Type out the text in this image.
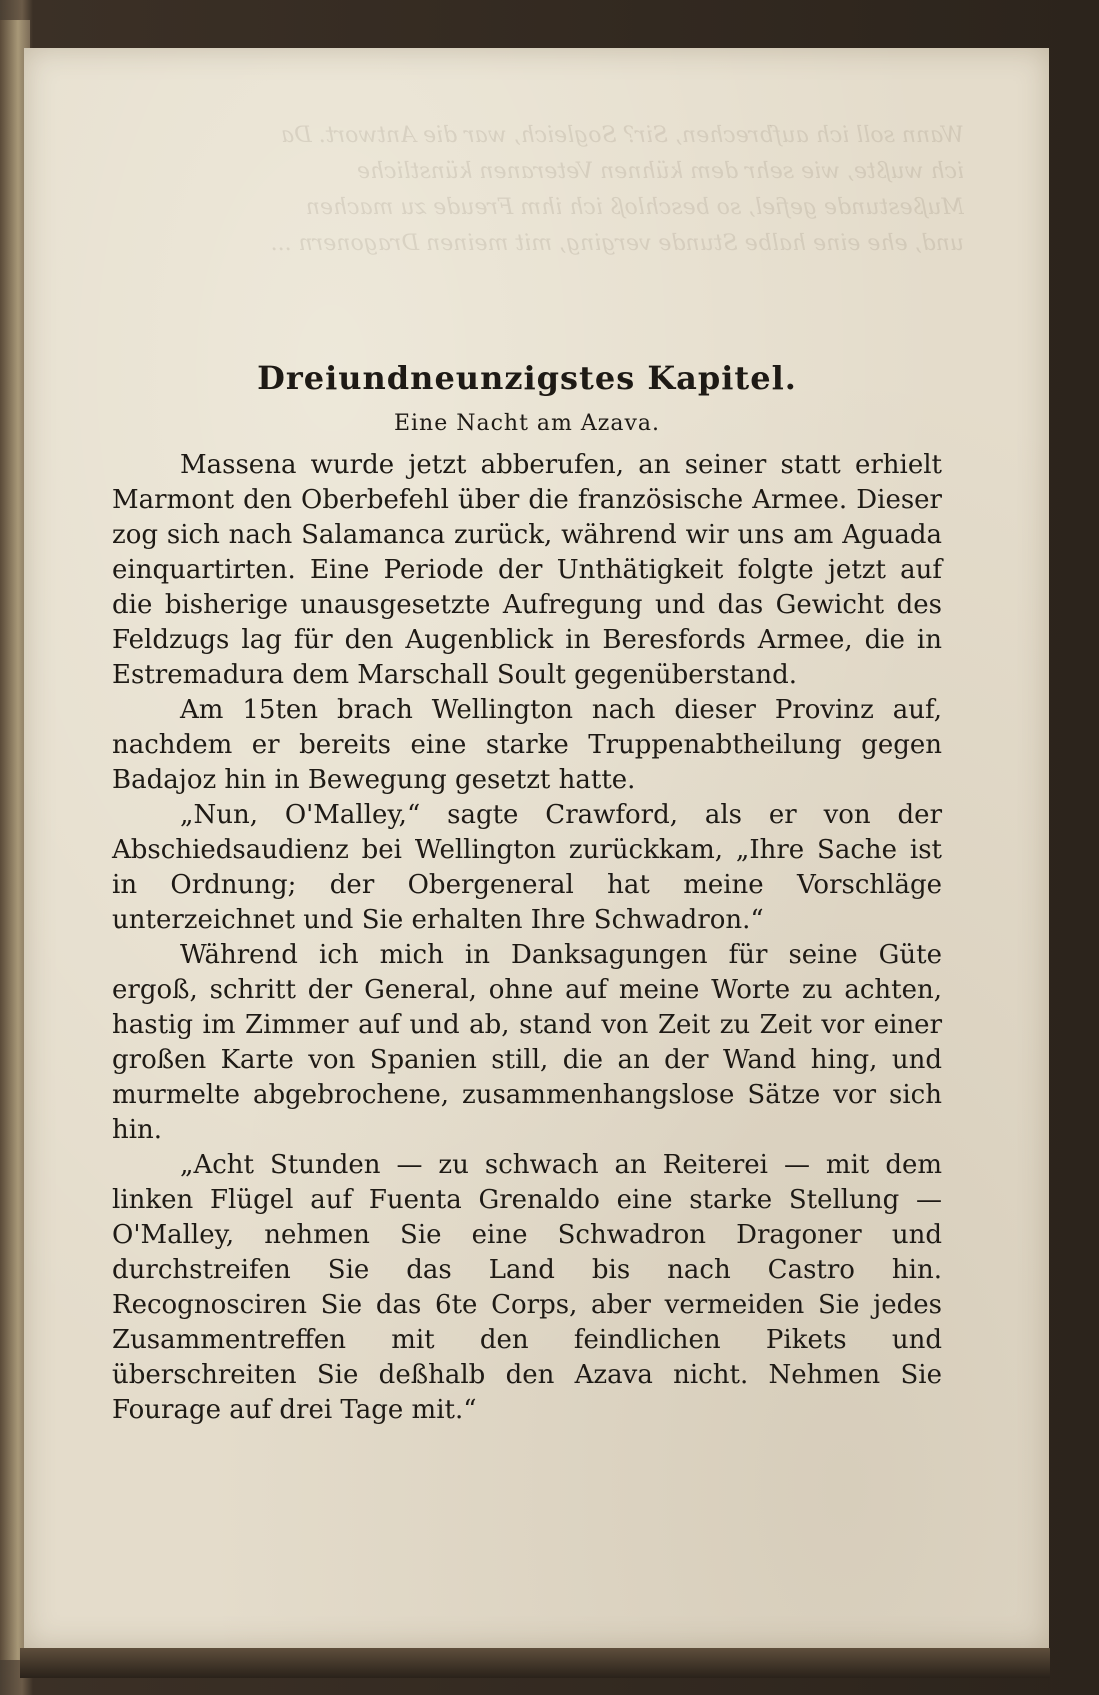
Wann soll ich aufbrechen, Sir? Sogleich, war die Antwort. Da ich wußte, wie sehr dem kühnen Veteranen künstliche Mußestunde gefiel, so beschloß ich ihm Freude zu machen und, ehe eine halbe Stunde verging, mit meinen Dragonern ...
Dreiundneunzigstes Kapitel.
Eine Nacht am Azava.

Massena wurde jetzt abberufen, an seiner statt erhielt Marmont den Oberbefehl über die französische Armee. Dieser zog sich nach Salamanca zurück, während wir uns am Aguada einquartirten. Eine Periode der Unthätigkeit folgte jetzt auf die bisherige unausgesetzte Aufregung und das Gewicht des Feldzugs lag für den Augenblick in Beresfords Armee, die in Estremadura dem Marschall Soult gegenüberstand.

Am 15ten brach Wellington nach dieser Provinz auf, nachdem er bereits eine starke Truppenabtheilung gegen Badajoz hin in Bewegung gesetzt hatte.

„Nun, O'Malley,“ sagte Crawford, als er von der Abschiedsaudienz bei Wellington zurückkam, „Ihre Sache ist in Ordnung; der Obergeneral hat meine Vorschläge unterzeichnet und Sie erhalten Ihre Schwadron.“

Während ich mich in Danksagungen für seine Güte ergoß, schritt der General, ohne auf meine Worte zu achten, hastig im Zimmer auf und ab, stand von Zeit zu Zeit vor einer großen Karte von Spanien still, die an der Wand hing, und murmelte abgebrochene, zusammenhangslose Sätze vor sich hin.

„Acht Stunden — zu schwach an Reiterei — mit dem linken Flügel auf Fuenta Grenaldo eine starke Stellung — O'Malley, nehmen Sie eine Schwadron Dragoner und durchstreifen Sie das Land bis nach Castro hin. Recognosciren Sie das 6te Corps, aber vermeiden Sie jedes Zusammentreffen mit den feindlichen Pikets und überschreiten Sie deßhalb den Azava nicht. Nehmen Sie Fourage auf drei Tage mit.“
